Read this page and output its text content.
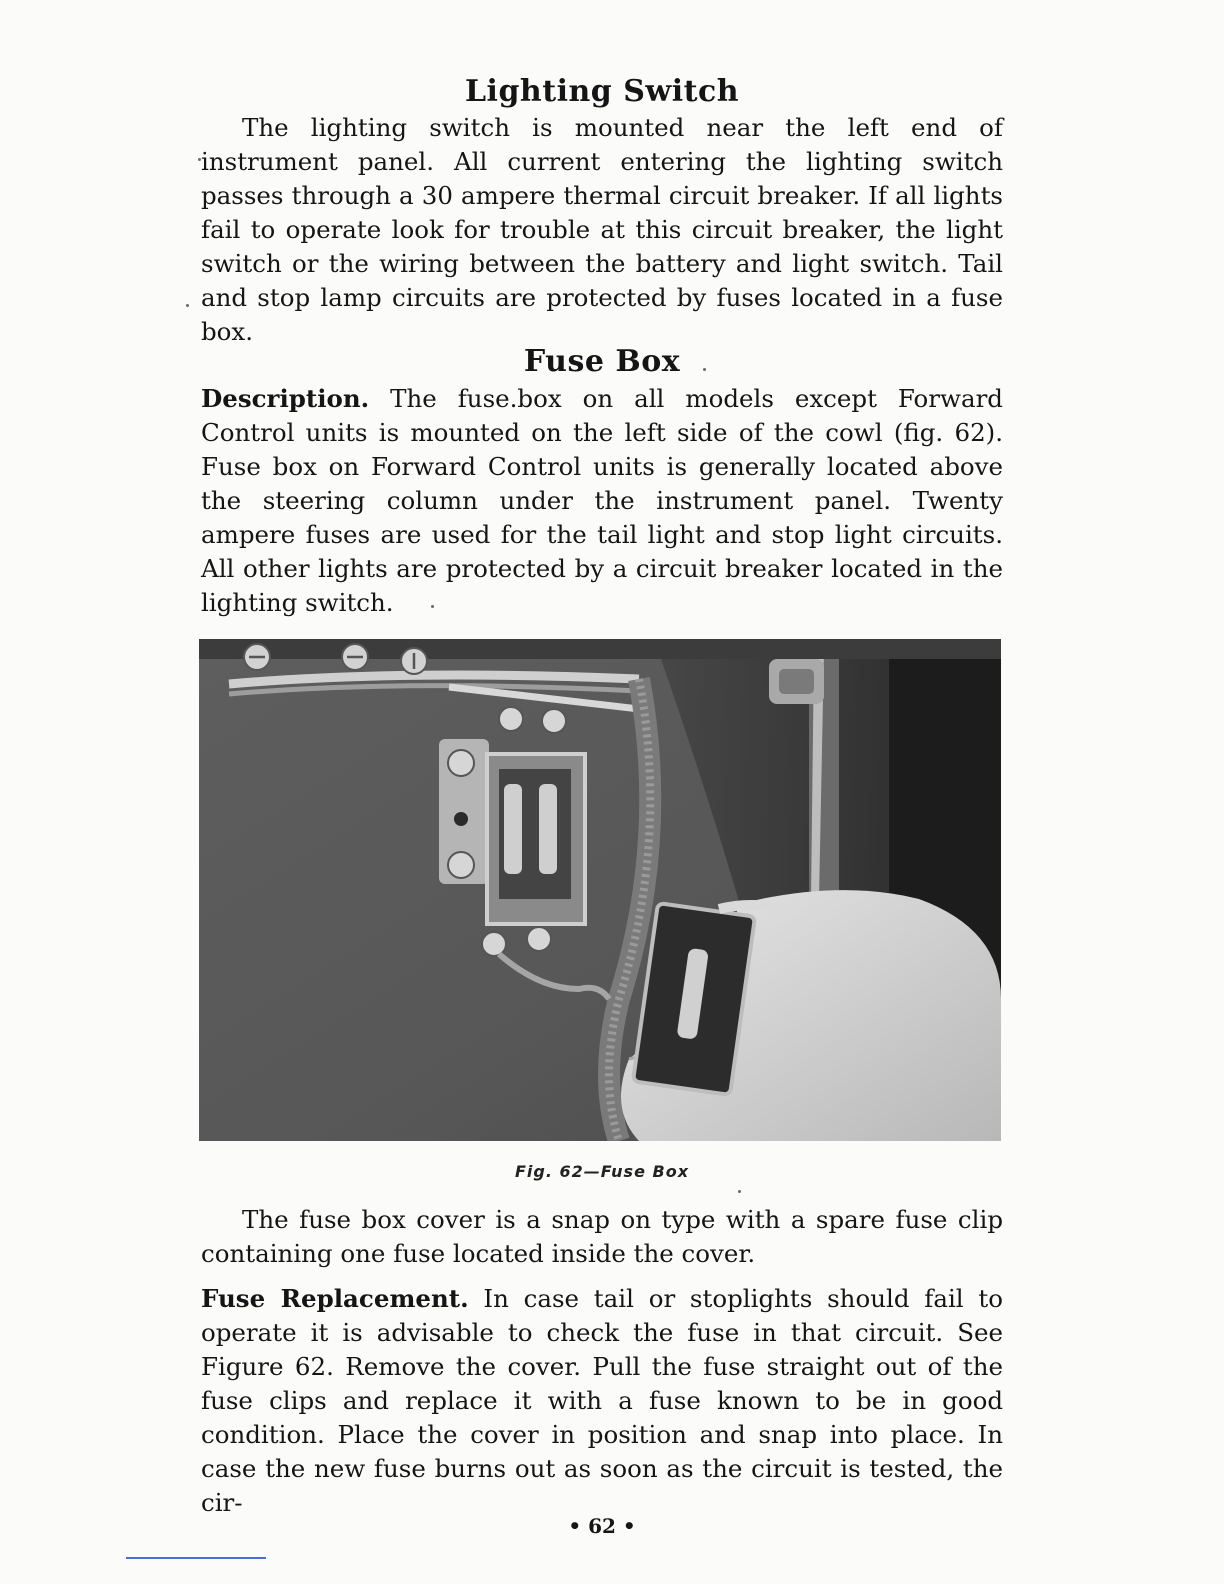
Lighting Switch

The lighting switch is mounted near the left end of instrument panel. All current entering the lighting switch passes through a 30 ampere thermal circuit breaker. If all lights fail to operate look for trouble at this circuit breaker, the light switch or the wiring between the battery and light switch. Tail and stop lamp circuits are protected by fuses located in a fuse box.

Fuse Box

Description. The fuse.box on all models except Forward Control units is mounted on the left side of the cowl (fig. 62). Fuse box on Forward Control units is generally located above the steering column under the instrument panel. Twenty ampere fuses are used for the tail light and stop light circuits. All other lights are protected by a circuit breaker located in the lighting switch.

Fig. 62—Fuse Box

The fuse box cover is a snap on type with a spare fuse clip containing one fuse located inside the cover.

Fuse Replacement. In case tail or stoplights should fail to operate it is advisable to check the fuse in that circuit. See Figure 62. Remove the cover. Pull the fuse straight out of the fuse clips and replace it with a fuse known to be in good condition. Place the cover in position and snap into place. In case the new fuse burns out as soon as the circuit is tested, the cir-

• 62 •
